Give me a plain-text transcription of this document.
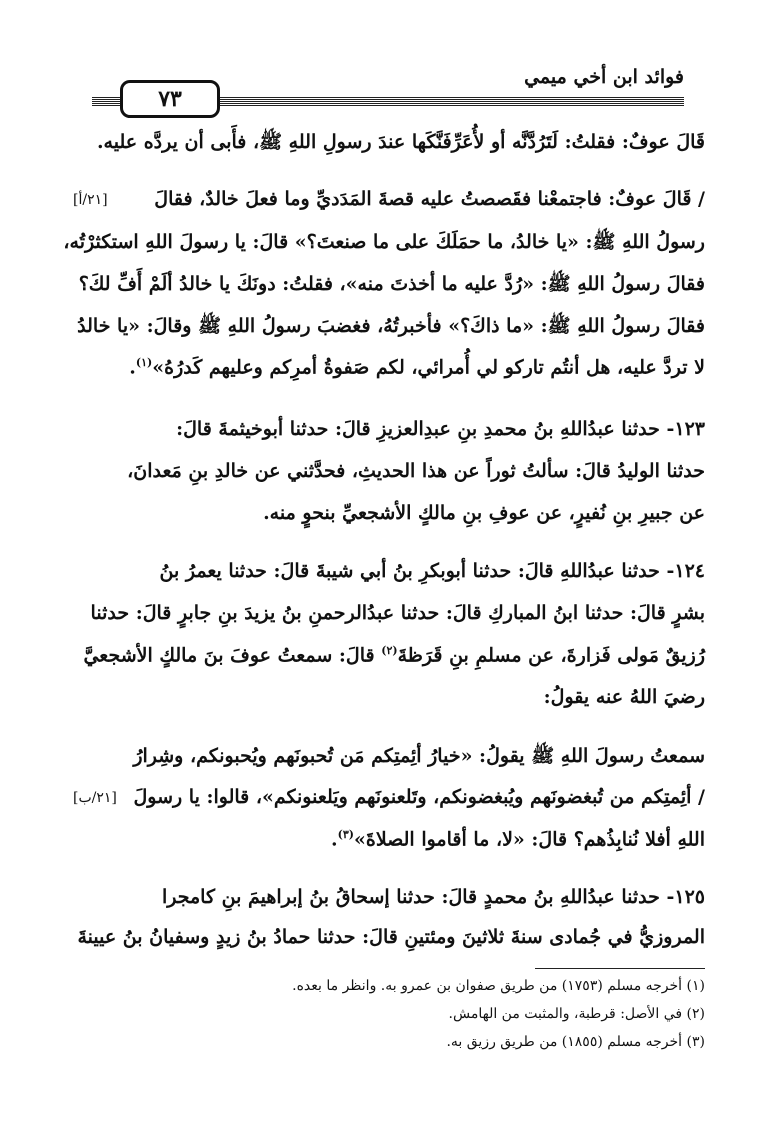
٧٣
فوائد ابن أخي ميمي
قَالَ عوفٌ: فقلتُ: لَتَرُدَّنَّه أو لأُعَرِّفَنَّكَها عندَ رسولِ اللهِ ﷺ، فأَبى أن يردَّه عليه.
[٢١/أ] / قَالَ عوفٌ: فاجتمعْنا فقَصصتُ عليه قصةَ المَدَديِّ وما فعلَ خالدٌ، فقالَ
رسولُ اللهِ ﷺ: «يا خالدُ، ما حمَلَكَ على ما صنعتَ؟» قالَ: يا رسولَ اللهِ استكثرْتُه،
فقالَ رسولُ اللهِ ﷺ: «رُدَّ عليه ما أخذتَ منه»، فقلتُ: دونَكَ يا خالدُ ألَمْ أَفِّ لكَ؟
فقالَ رسولُ اللهِ ﷺ: «ما ذاكَ؟» فأخبرتُهُ، فغضبَ رسولُ اللهِ ﷺ وقالَ: «يا خالدُ
لا تردَّ عليه، هل أنتُم تاركو لي أُمرائي، لكم صَفوةُ أمرِكم وعليهم كَدرُهُ»$^{(١)}$.
١٢٣- حدثنا عبدُاللهِ بنُ محمدِ بنِ عبدِالعزيزِ قالَ: حدثنا أبوخيثمةَ قالَ:
حدثنا الوليدُ قالَ: سألتُ ثوراً عن هذا الحديثِ، فحدَّثني عن خالدِ بنِ مَعدانَ،
عن جبيرِ بنِ نُفيرٍ، عن عوفِ بنِ مالكٍ الأشجعيِّ بنحوٍ منه.
١٢٤- حدثنا عبدُاللهِ قالَ: حدثنا أبوبكرِ بنُ أبي شيبةَ قالَ: حدثنا يعمرُ بنُ
بشرٍ قالَ: حدثنا ابنُ المباركِ قالَ: حدثنا عبدُالرحمنِ بنُ يزيدَ بنِ جابرٍ قالَ: حدثنا
رُزيقٌ مَولى فَزارةَ، عن مسلمِ بنِ قَرَظةَ$^{(٢)}$ قالَ: سمعتُ عوفَ بنَ مالكٍ الأشجعيَّ
رضيَ اللهُ عنه يقولُ:
سمعتُ رسولَ اللهِ ﷺ يقولُ: «خيارُ أئِمتِكم مَن تُحبونَهم ويُحبونكم، وشِرارُ
[٢١/ب] / أئِمتِكم من تُبغضونَهم ويُبغضونكم، وتَلعنونَهم ويَلعنونكم»، قالوا: يا رسولَ
اللهِ أفلا نُنابِذُهم؟ قالَ: «لا، ما أقاموا الصلاةَ»$^{(٣)}$.
١٢٥- حدثنا عبدُاللهِ بنُ محمدٍ قالَ: حدثنا إسحاقُ بنُ إبراهيمَ بنِ كامجرا
المروزيُّ في جُمادى سنةَ ثلاثينَ ومئتينِ قالَ: حدثنا حمادُ بنُ زيدٍ وسفيانُ بنُ عيينةَ
(١) أخرجه مسلم (١٧٥٣) من طريق صفوان بن عمرو به. وانظر ما بعده.
(٢) في الأصل: قرطبة، والمثبت من الهامش.
(٣) أخرجه مسلم (١٨٥٥) من طريق رزيق به.
